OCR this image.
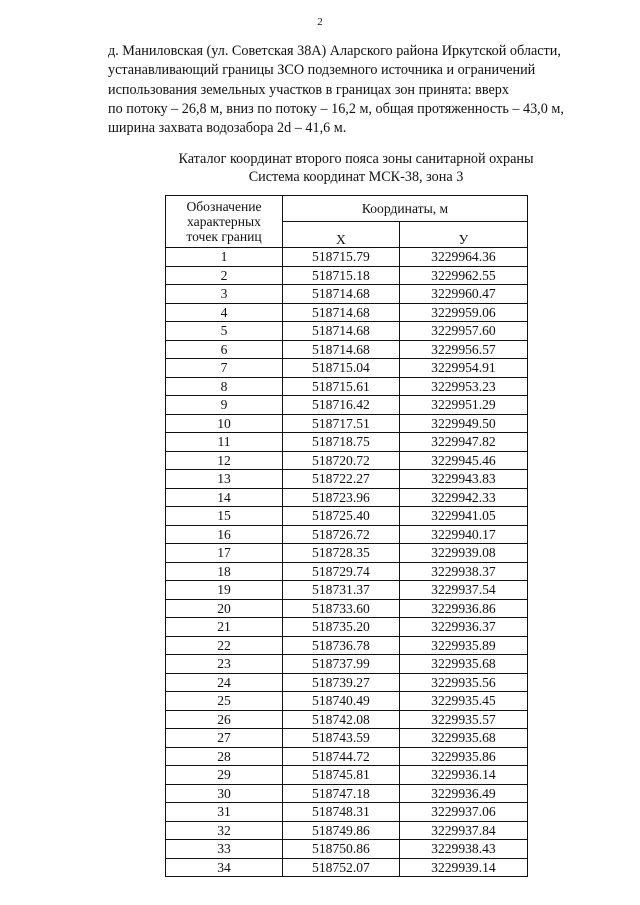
2

д. Маниловская (ул. Советская 38А) Аларского района Иркутской области,

устанавливающий границы ЗСО подземного источника и ограничений

использования земельных участков в границах зон принята: вверх

по потоку – 26,8 м, вниз по потоку – 16,2 м, общая протяженность – 43,0 м,

ширина захвата водозабора 2d – 41,6 м.

Каталог координат второго пояса зоны санитарной охраны
Система координат МСК-38, зона 3
Обозначение характерных точек границ	Координаты, м	
	Х	У
1	518715.79	3229964.36
2	518715.18	3229962.55
3	518714.68	3229960.47
4	518714.68	3229959.06
5	518714.68	3229957.60
6	518714.68	3229956.57
7	518715.04	3229954.91
8	518715.61	3229953.23
9	518716.42	3229951.29
10	518717.51	3229949.50
11	518718.75	3229947.82
12	518720.72	3229945.46
13	518722.27	3229943.83
14	518723.96	3229942.33
15	518725.40	3229941.05
16	518726.72	3229940.17
17	518728.35	3229939.08
18	518729.74	3229938.37
19	518731.37	3229937.54
20	518733.60	3229936.86
21	518735.20	3229936.37
22	518736.78	3229935.89
23	518737.99	3229935.68
24	518739.27	3229935.56
25	518740.49	3229935.45
26	518742.08	3229935.57
27	518743.59	3229935.68
28	518744.72	3229935.86
29	518745.81	3229936.14
30	518747.18	3229936.49
31	518748.31	3229937.06
32	518749.86	3229937.84
33	518750.86	3229938.43
34	518752.07	3229939.14
